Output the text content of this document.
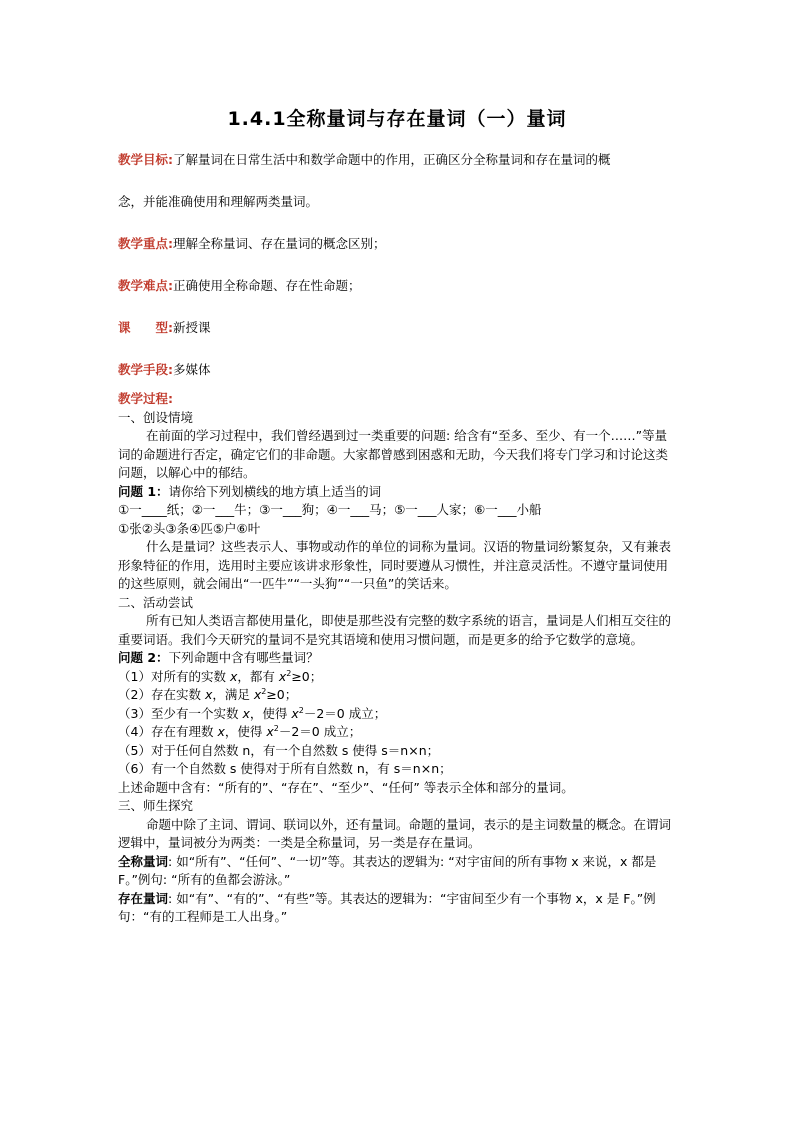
1.4.1全称量词与存在量词（一）量词
教学目标:了解量词在日常生活中和数学命题中的作用，正确区分全称量词和存在量词的概
念，并能准确使用和理解两类量词。
教学重点:理解全称量词、存在量词的概念区别；
教学难点:正确使用全称命题、存在性命题；
课　　型:新授课
教学手段:多媒体

教学过程:

一、创设情境

在前面的学习过程中，我们曾经遇到过一类重要的问题: 给含有“至多、至少、有一个……”等量词的命题进行否定，确定它们的非命题。大家都曾感到困惑和无助，今天我们将专门学习和讨论这类问题，以解心中的郁结。

问题 1：请你给下列划横线的地方填上适当的词

①一____纸；②一___牛；③一___狗；④一___马；⑤一___人家；⑥一___小船

①张②头③条④匹⑤户⑥叶

什么是量词？这些表示人、事物或动作的单位的词称为量词。汉语的物量词纷繁复杂，又有兼表形象特征的作用，选用时主要应该讲求形象性，同时要遵从习惯性，并注意灵活性。不遵守量词使用的这些原则，就会闹出“一匹牛”“一头狗”“一只鱼”的笑话来。

二、活动尝试

所有已知人类语言都使用量化，即使是那些没有完整的数字系统的语言，量词是人们相互交往的重要词语。我们今天研究的量词不是究其语境和使用习惯问题，而是更多的给予它数学的意境。

问题 2：下列命题中含有哪些量词？

（1）对所有的实数 x，都有 $x^2\ge 0$；

（2）存在实数 x，满足 $x^2\ge 0$；

（3）至少有一个实数 x，使得 $x^2-2=0$ 成立；

（4）存在有理数 x，使得 $x^2-2=0$ 成立；

（5）对于任何自然数 n，有一个自然数 s 使得 s＝n×n；

（6）有一个自然数 s 使得对于所有自然数 n，有 s＝n×n；

上述命题中含有：“所有的”、“存在”、“至少”、“任何” 等表示全体和部分的量词。

三、师生探究

命题中除了主词、谓词、联词以外，还有量词。命题的量词，表示的是主词数量的概念。在谓词逻辑中，量词被分为两类：一类是全称量词，另一类是存在量词。

全称量词: 如“所有”、“任何”、“一切”等。其表达的逻辑为: “对宇宙间的所有事物 x 来说，x 都是 F。”例句: “所有的鱼都会游泳。”

存在量词: 如“有”、“有的”、“有些”等。其表达的逻辑为：“宇宙间至少有一个事物 x，x 是 F。”例句：“有的工程师是工人出身。”
